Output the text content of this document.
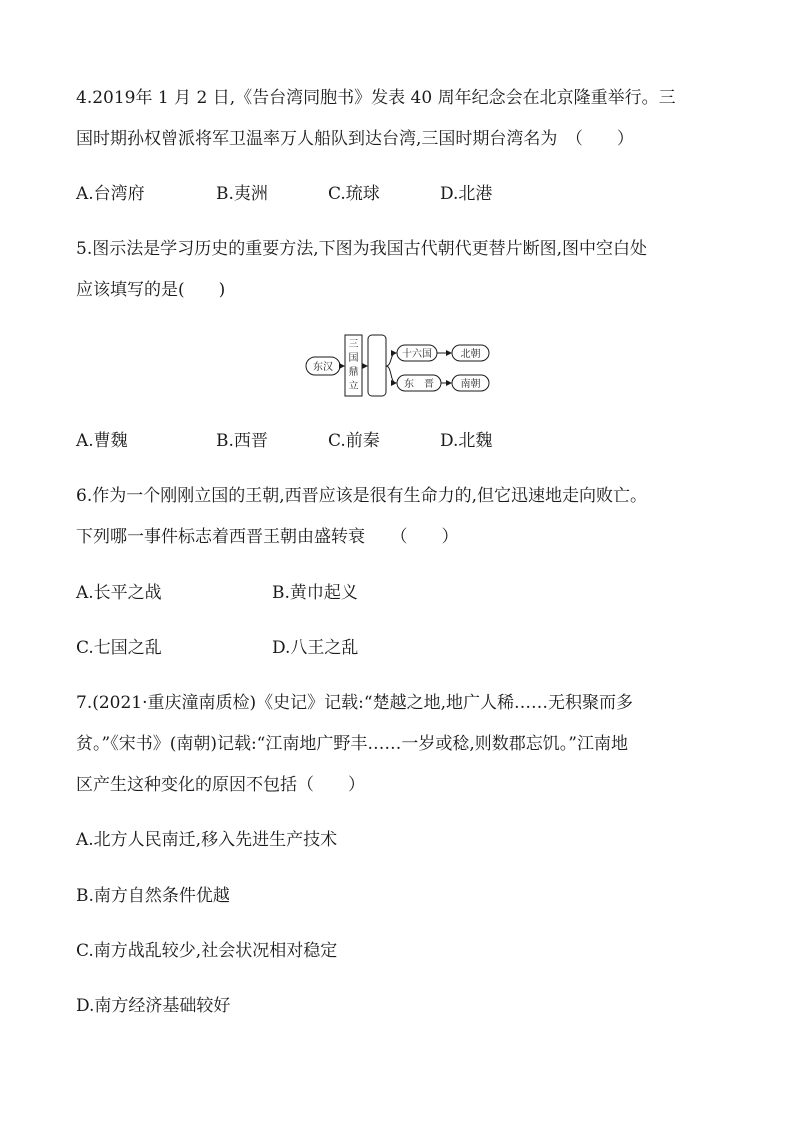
4.2019年 1 月 2 日,《告台湾同胞书》发表 40 周年纪念会在北京隆重举行。三
国时期孙权曾派将军卫温率万人船队到达台湾,三国时期台湾名为　（　　）
A.台湾府	B.夷洲	C.琉球	D.北港
5.图示法是学习历史的重要方法,下图为我国古代朝代更替片断图,图中空白处
应该填写的是(　　)
东汉
三
国
鼎
立
十六国	北朝
东　晋	南朝
A.曹魏	B.西晋	C.前秦	D.北魏
6.作为一个刚刚立国的王朝,西晋应该是很有生命力的,但它迅速地走向败亡。
下列哪一事件标志着西晋王朝由盛转衰　　（　　）
A.长平之战	B.黄巾起义
C.七国之乱	D.八王之乱
7.(2021·重庆潼南质检)《史记》记载:“楚越之地,地广人稀……无积聚而多
贫。”《宋书》(南朝)记载:“江南地广野丰……一岁或稔,则数郡忘饥。”江南地
区产生这种变化的原因不包括（　　）
A.北方人民南迁,移入先进生产技术
B.南方自然条件优越
C.南方战乱较少,社会状况相对稳定
D.南方经济基础较好
